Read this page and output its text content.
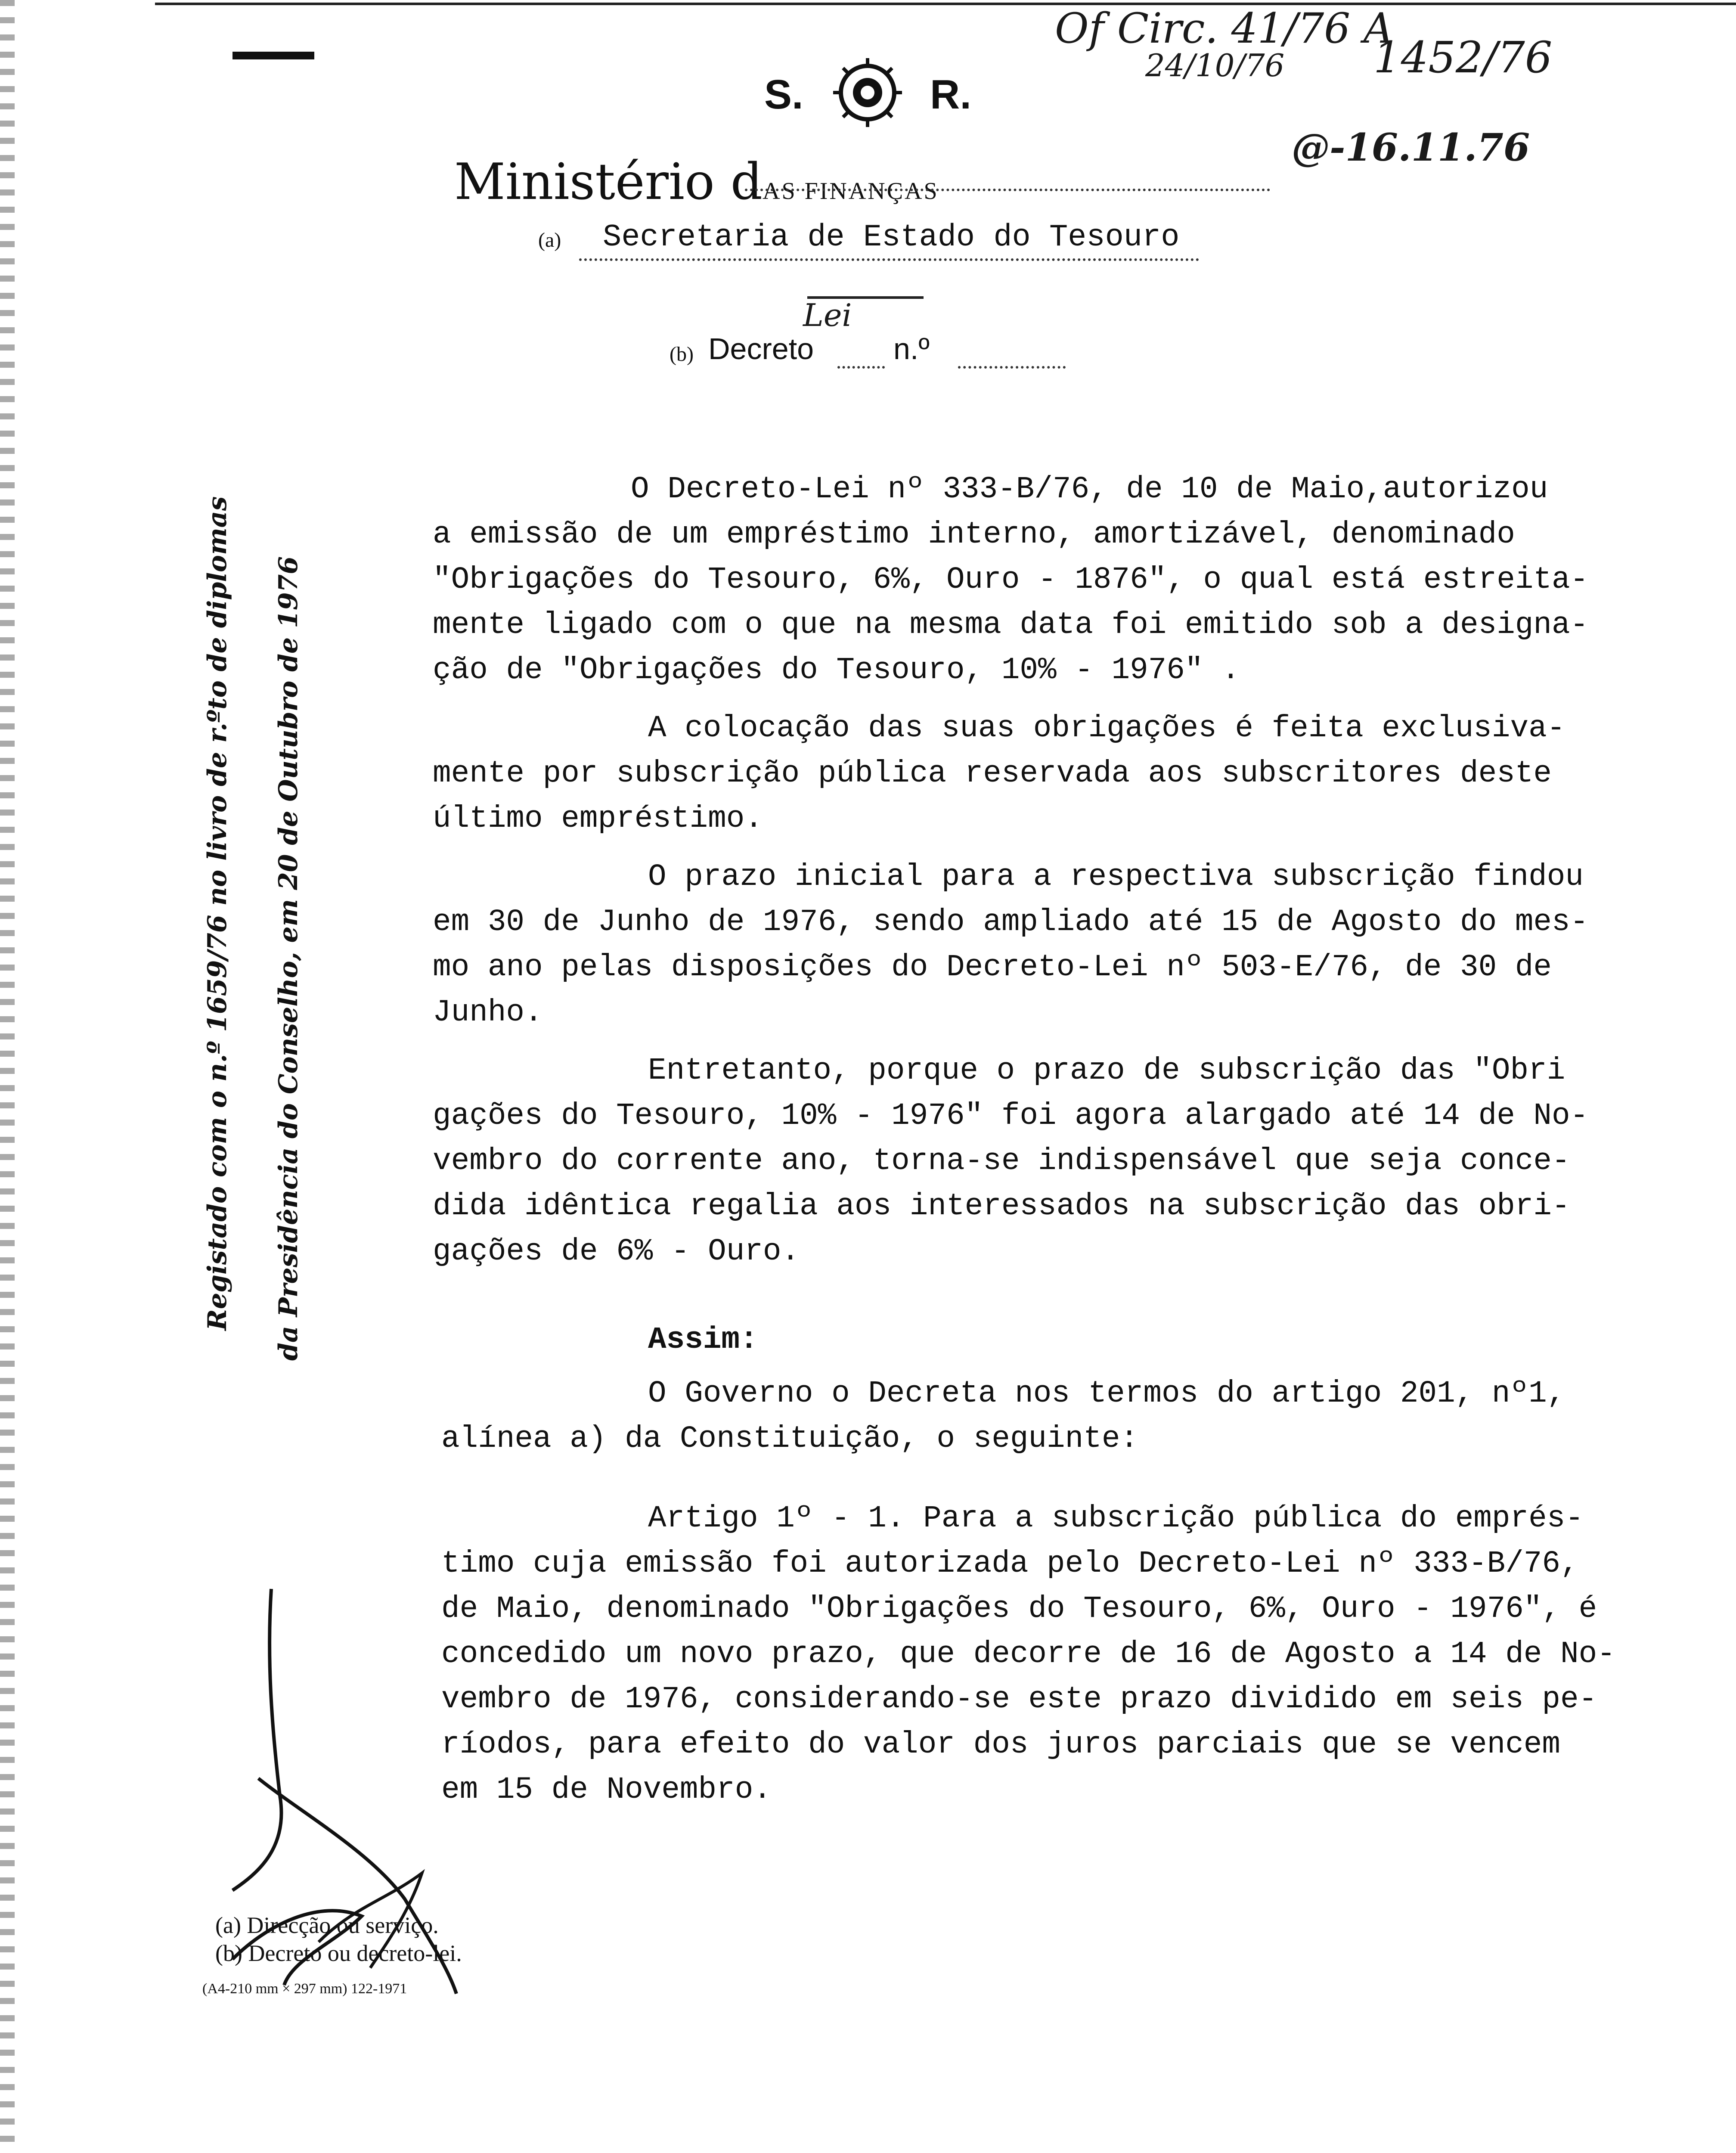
S.	R.
Ministério dAS FINANÇAS
(a) Secretaria de Estado do Tesouro
(b) Decreto
Lei
n.º
Of Circ. 41/76 A
24/10/76 1452/76
@-16.11.76
Registado com o n.º 1659/76 no livro de r.ºto de diplomas da Presidência do Conselho, em 20 de Outubro de 1976
O Decreto-Lei nº 333-B/76, de 10 de Maio,autorizou
a emissão de um empréstimo interno, amortizável, denominado
"Obrigações do Tesouro, 6%, Ouro - 1876", o qual está estreita-
mente ligado com o que na mesma data foi emitido sob a designa-
ção de "Obrigações do Tesouro, 10% - 1976" .
A colocação das suas obrigações é feita exclusiva-
mente por subscrição pública reservada aos subscritores deste
último empréstimo.
O prazo inicial para a respectiva subscrição findou
em 30 de Junho de 1976, sendo ampliado até 15 de Agosto do mes-
mo ano pelas disposições do Decreto-Lei nº 503-E/76, de 30 de
Junho.
Entretanto, porque o prazo de subscrição das "Obri
gações do Tesouro, 10% - 1976" foi agora alargado até 14 de No-
vembro do corrente ano, torna-se indispensável que seja conce-
dida idêntica regalia aos interessados na subscrição das obri-
gações de 6% - Ouro.
Assim:
O Governo o Decreta nos termos do artigo 201, nº1,
alínea a) da Constituição, o seguinte:
Artigo 1º - 1. Para a subscrição pública do emprés-
timo cuja emissão foi autorizada pelo Decreto-Lei nº 333-B/76,
de Maio, denominado "Obrigações do Tesouro, 6%, Ouro - 1976", é
concedido um novo prazo, que decorre de 16 de Agosto a 14 de No-
vembro de 1976, considerando-se este prazo dividido em seis pe-
ríodos, para efeito do valor dos juros parciais que se vencem
em 15 de Novembro.
(a) Direcção ou serviço.
(b) Decreto ou decreto-lei.
(A4-210 mm × 297 mm) 122-1971
